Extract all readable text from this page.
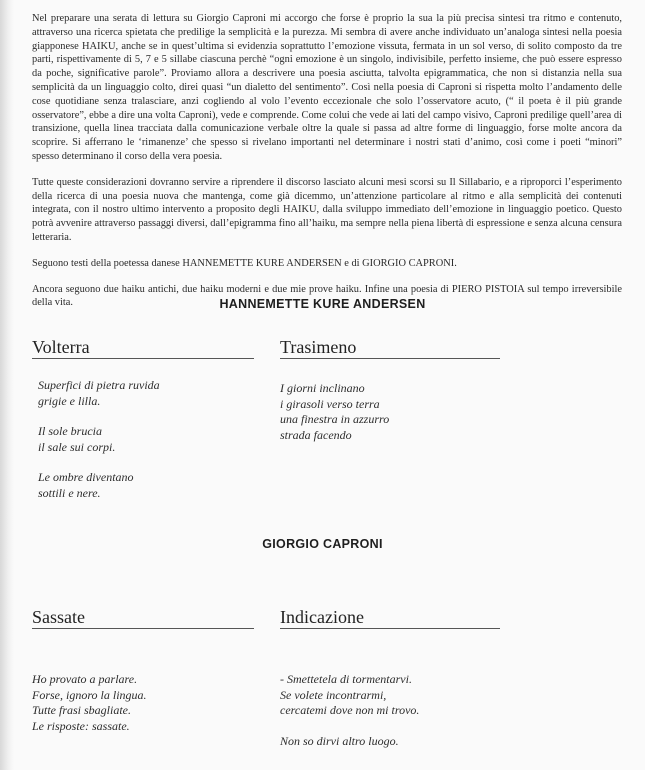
Nel preparare una serata di lettura su Giorgio Caproni mi accorgo che forse è proprio la sua la più precisa sintesi tra ritmo e contenuto, attraverso una ricerca spietata che predilige la semplicità e la purezza. Mi sembra di avere anche individuato un’analoga sintesi nella poesia giapponese HAIKU, anche se in quest’ultima si evidenzia soprattutto l’emozione vissuta, fermata in un sol verso, di solito composto da tre parti, rispettivamente di 5, 7 e 5 sillabe ciascuna perchè “ogni emozione è un singolo, indivisibile, perfetto insieme, che può essere espresso da poche, significative parole”. Proviamo allora a descrivere una poesia asciutta, talvolta epigrammatica, che non si distanzia nella sua semplicità da un linguaggio colto, direi quasi “un dialetto del sentimento”. Così nella poesia di Caproni si rispetta molto l’andamento delle cose quotidiane senza tralasciare, anzi cogliendo al volo l’evento eccezionale che solo l’osservatore acuto, (“ il poeta è il più grande osservatore”, ebbe a dire una volta Caproni), vede e comprende. Come colui che vede ai lati del campo visivo, Caproni predilige quell’area di transizione, quella linea tracciata dalla comunicazione verbale oltre la quale si passa ad altre forme di linguaggio, forse molte ancora da scoprire. Si afferrano le ‘rimanenze’ che spesso si rivelano importanti nel determinare i nostri stati d’animo, così come i poeti “minori” spesso determinano il corso della vera poesia.

Tutte queste considerazioni dovranno servire a riprendere il discorso lasciato alcuni mesi scorsi su Il Sillabario, e a riproporci l’esperimento della ricerca di una poesia nuova che mantenga, come già dicemmo, un’attenzione particolare al ritmo e alla semplicità dei contenuti integrata, con il nostro ultimo intervento a proposito degli HAIKU, dalla sviluppo immediato dell’emozione in linguaggio poetico. Questo potrà avvenire attraverso passaggi diversi, dall’epigramma fino all’haiku, ma sempre nella piena libertà di espressione e senza alcuna censura letteraria.

Seguono testi della poetessa danese HANNEMETTE KURE ANDERSEN e di GIORGIO CAPRONI.

Ancora seguono due haiku antichi, due haiku moderni e due mie prove haiku. Infine una poesia di PIERO PISTOIA sul tempo irreversibile della vita.	HANNEMETTE KURE ANDERSEN
Volterra
Superfici di pietra ruvida
grigie e lilla.
Il sole brucia
il sale sui corpi.
Le ombre diventano
sottili e nere.
Trasimeno
I giorni inclinano
i girasoli verso terra
una finestra in azzurro
strada facendo
GIORGIO CAPRONI
Sassate
Ho provato a parlare.
Forse, ignoro la lingua.
Tutte frasi sbagliate.
Le risposte: sassate.
Indicazione
- Smettetela di tormentarvi.
Se volete incontrarmi,
cercatemi dove non mi trovo.
Non so dirvi altro luogo.
